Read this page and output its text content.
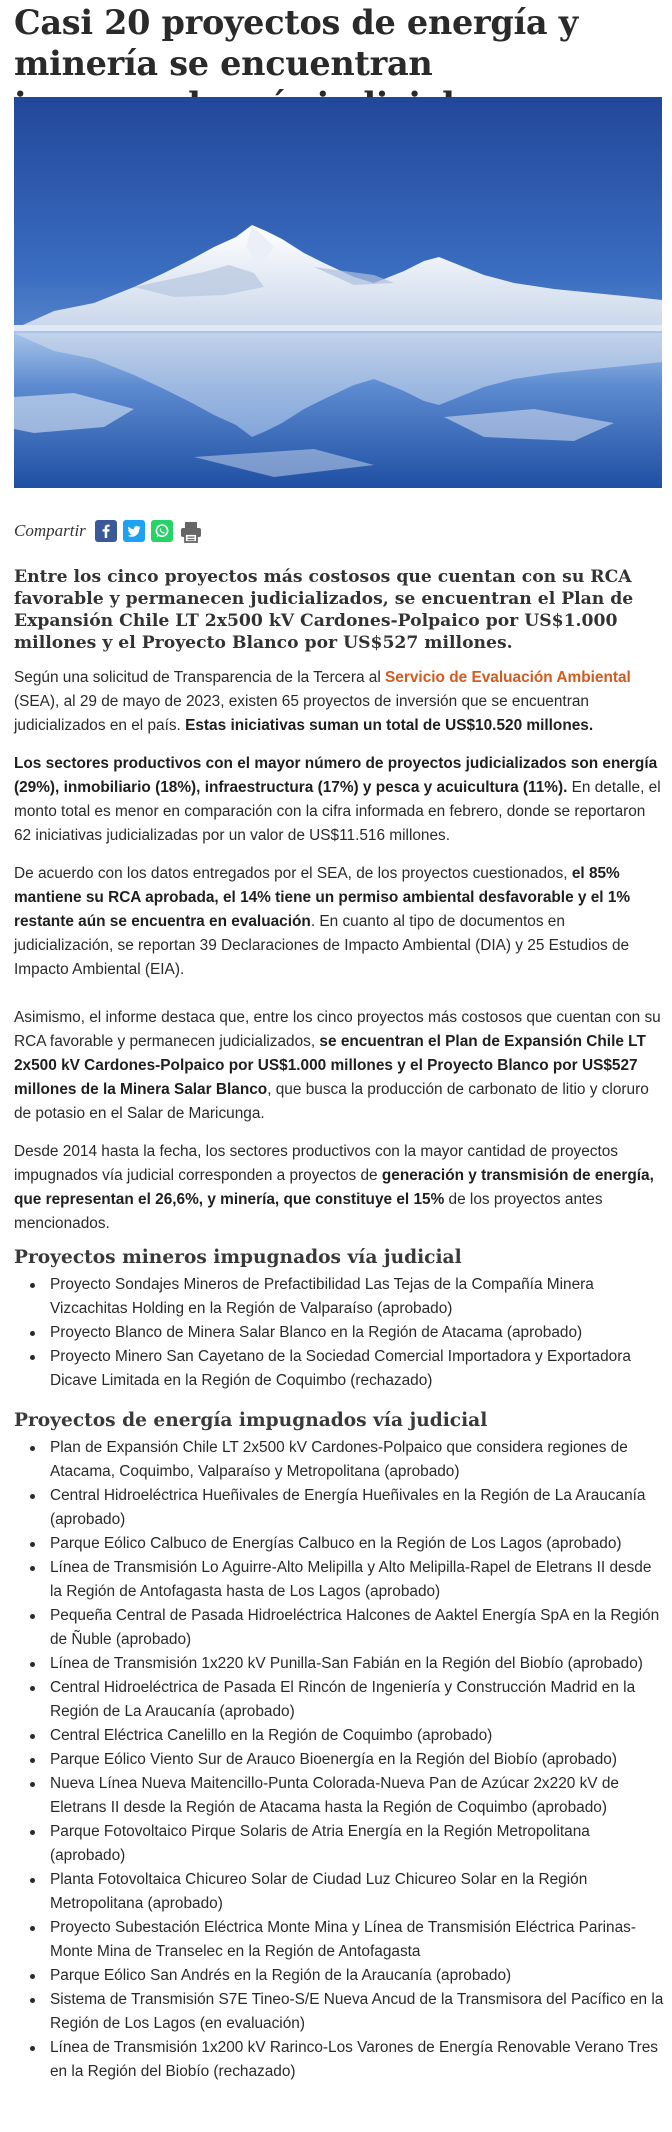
Casi 20 proyectos de energía y minería se encuentran
Compartir

Entre los cinco proyectos más costosos que cuentan con su RCA favorable y permanecen judicializados, se encuentran el Plan de Expansión Chile LT 2x500 kV Cardones-Polpaico por US$1.000 millones y el Proyecto Blanco por US$527 millones.

Según una solicitud de Transparencia de la Tercera al Servicio de Evaluación Ambiental (SEA), al 29 de mayo de 2023, existen 65 proyectos de inversión que se encuentran judicializados en el país. Estas iniciativas suman un total de US$10.520 millones.

Los sectores productivos con el mayor número de proyectos judicializados son energía (29%), inmobiliario (18%), infraestructura (17%) y pesca y acuicultura (11%). En detalle, el monto total es menor en comparación con la cifra informada en febrero, donde se reportaron 62 iniciativas judicializadas por un valor de US$11.516 millones.

De acuerdo con los datos entregados por el SEA, de los proyectos cuestionados, el 85% mantiene su RCA aprobada, el 14% tiene un permiso ambiental desfavorable y el 1% restante aún se encuentra en evaluación. En cuanto al tipo de documentos en judicialización, se reportan 39 Declaraciones de Impacto Ambiental (DIA) y 25 Estudios de Impacto Ambiental (EIA).

Asimismo, el informe destaca que, entre los cinco proyectos más costosos que cuentan con su RCA favorable y permanecen judicializados, se encuentran el Plan de Expansión Chile LT 2x500 kV Cardones-Polpaico por US$1.000 millones y el Proyecto Blanco por US$527 millones de la Minera Salar Blanco, que busca la producción de carbonato de litio y cloruro de potasio en el Salar de Maricunga.

Desde 2014 hasta la fecha, los sectores productivos con la mayor cantidad de proyectos impugnados vía judicial corresponden a proyectos de generación y transmisión de energía, que representan el 26,6%, y minería, que constituye el 15% de los proyectos antes mencionados.

Proyectos mineros impugnados vía judicial
Proyecto Sondajes Mineros de Prefactibilidad Las Tejas de la Compañía Minera Vizcachitas Holding en la Región de Valparaíso (aprobado)
Proyecto Blanco de Minera Salar Blanco en la Región de Atacama (aprobado)
Proyecto Minero San Cayetano de la Sociedad Comercial Importadora y Exportadora Dicave Limitada en la Región de Coquimbo (rechazado)
Proyectos de energía impugnados vía judicial
Plan de Expansión Chile LT 2x500 kV Cardones-Polpaico que considera regiones de Atacama, Coquimbo, Valparaíso y Metropolitana (aprobado)
Central Hidroeléctrica Hueñivales de Energía Hueñivales en la Región de La Araucanía (aprobado)
Parque Eólico Calbuco de Energías Calbuco en la Región de Los Lagos (aprobado)
Línea de Transmisión Lo Aguirre-Alto Melipilla y Alto Melipilla-Rapel de Eletrans II desde la Región de Antofagasta hasta de Los Lagos (aprobado)
Pequeña Central de Pasada Hidroeléctrica Halcones de Aaktel Energía SpA en la Región de Ñuble (aprobado)
Línea de Transmisión 1x220 kV Punilla-San Fabián en la Región del Biobío (aprobado)
Central Hidroeléctrica de Pasada El Rincón de Ingeniería y Construcción Madrid en la Región de La Araucanía (aprobado)
Central Eléctrica Canelillo en la Región de Coquimbo (aprobado)
Parque Eólico Viento Sur de Arauco Bioenergía en la Región del Biobío (aprobado)
Nueva Línea Nueva Maitencillo-Punta Colorada-Nueva Pan de Azúcar 2x220 kV de Eletrans II desde la Región de Atacama hasta la Región de Coquimbo (aprobado)
Parque Fotovoltaico Pirque Solaris de Atria Energía en la Región Metropolitana (aprobado)
Planta Fotovoltaica Chicureo Solar de Ciudad Luz Chicureo Solar en la Región Metropolitana (aprobado)
Proyecto Subestación Eléctrica Monte Mina y Línea de Transmisión Eléctrica Parinas-Monte Mina de Transelec en la Región de Antofagasta
Parque Eólico San Andrés en la Región de la Araucanía (aprobado)
Sistema de Transmisión S7E Tineo-S/E Nueva Ancud de la Transmisora del Pacífico en la Región de Los Lagos (en evaluación)
Línea de Transmisión 1x200 kV Rarinco-Los Varones de Energía Renovable Verano Tres en la Región del Biobío (rechazado)
